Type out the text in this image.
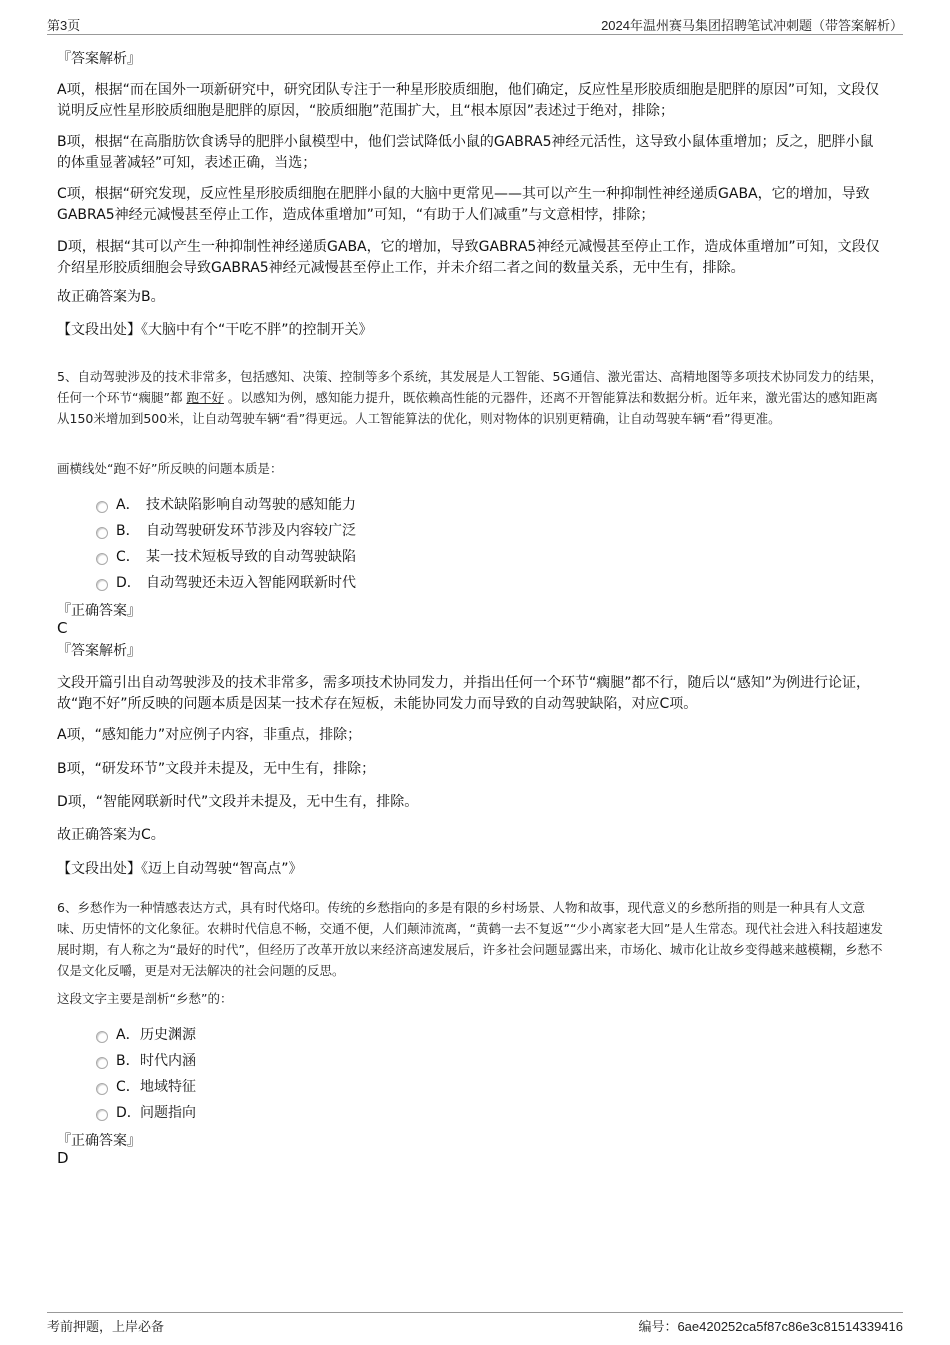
第3页	2024年温州赛马集团招聘笔试冲刺题（带答案解析）
『答案解析』
A项，根据“而在国外一项新研究中，研究团队专注于一种星形胶质细胞，他们确定，反应性星形胶质细胞是肥胖的原因”可知，文段仅说明反应性星形胶质细胞是肥胖的原因，“胶质细胞”范围扩大，且“根本原因”表述过于绝对，排除；
B项，根据“在高脂肪饮食诱导的肥胖小鼠模型中，他们尝试降低小鼠的GABRA5神经元活性，这导致小鼠体重增加；反之，肥胖小鼠的体重显著减轻”可知，表述正确，当选；
C项，根据“研究发现，反应性星形胶质细胞在肥胖小鼠的大脑中更常见——其可以产生一种抑制性神经递质GABA，它的增加，导致GABRA5神经元减慢甚至停止工作，造成体重增加”可知，“有助于人们减重”与文意相悖，排除；
D项，根据“其可以产生一种抑制性神经递质GABA，它的增加，导致GABRA5神经元减慢甚至停止工作，造成体重增加”可知，文段仅介绍星形胶质细胞会导致GABRA5神经元减慢甚至停止工作，并未介绍二者之间的数量关系，无中生有，排除。
故正确答案为B。
【文段出处】《大脑中有个“干吃不胖”的控制开关》
5、自动驾驶涉及的技术非常多，包括感知、决策、控制等多个系统，其发展是人工智能、5G通信、激光雷达、高精地图等多项技术协同发力的结果，任何一个环节“瘸腿”都 跑不好 。以感知为例，感知能力提升，既依赖高性能的元器件，还离不开智能算法和数据分析。近年来，激光雷达的感知距离从150米增加到500米，让自动驾驶车辆“看”得更远。人工智能算法的优化，则对物体的识别更精确，让自动驾驶车辆“看”得更准。
画横线处“跑不好”所反映的问题本质是：
A． 技术缺陷影响自动驾驶的感知能力
B． 自动驾驶研发环节涉及内容较广泛
C． 某一技术短板导致的自动驾驶缺陷
D． 自动驾驶还未迈入智能网联新时代
『正确答案』
C
『答案解析』
文段开篇引出自动驾驶涉及的技术非常多，需多项技术协同发力，并指出任何一个环节“瘸腿”都不行，随后以“感知”为例进行论证，故“跑不好”所反映的问题本质是因某一技术存在短板，未能协同发力而导致的自动驾驶缺陷，对应C项。
A项，“感知能力”对应例子内容，非重点，排除；
B项，“研发环节”文段并未提及，无中生有，排除；
D项，“智能网联新时代”文段并未提及，无中生有，排除。
故正确答案为C。
【文段出处】《迈上自动驾驶“智高点”》
6、乡愁作为一种情感表达方式，具有时代烙印。传统的乡愁指向的多是有限的乡村场景、人物和故事，现代意义的乡愁所指的则是一种具有人文意味、历史情怀的文化象征。农耕时代信息不畅，交通不便，人们颠沛流离，“黄鹤一去不复返”“少小离家老大回”是人生常态。现代社会进入科技超速发展时期，有人称之为“最好的时代”，但经历了改革开放以来经济高速发展后，许多社会问题显露出来，市场化、城市化让故乡变得越来越模糊，乡愁不仅是文化反嚼，更是对无法解决的社会问题的反思。
这段文字主要是剖析“乡愁”的：
A． 历史渊源
B． 时代内涵
C． 地域特征
D． 问题指向
『正确答案』
D
考前押题，上岸必备	编号：6ae420252ca5f87c86e3c81514339416
